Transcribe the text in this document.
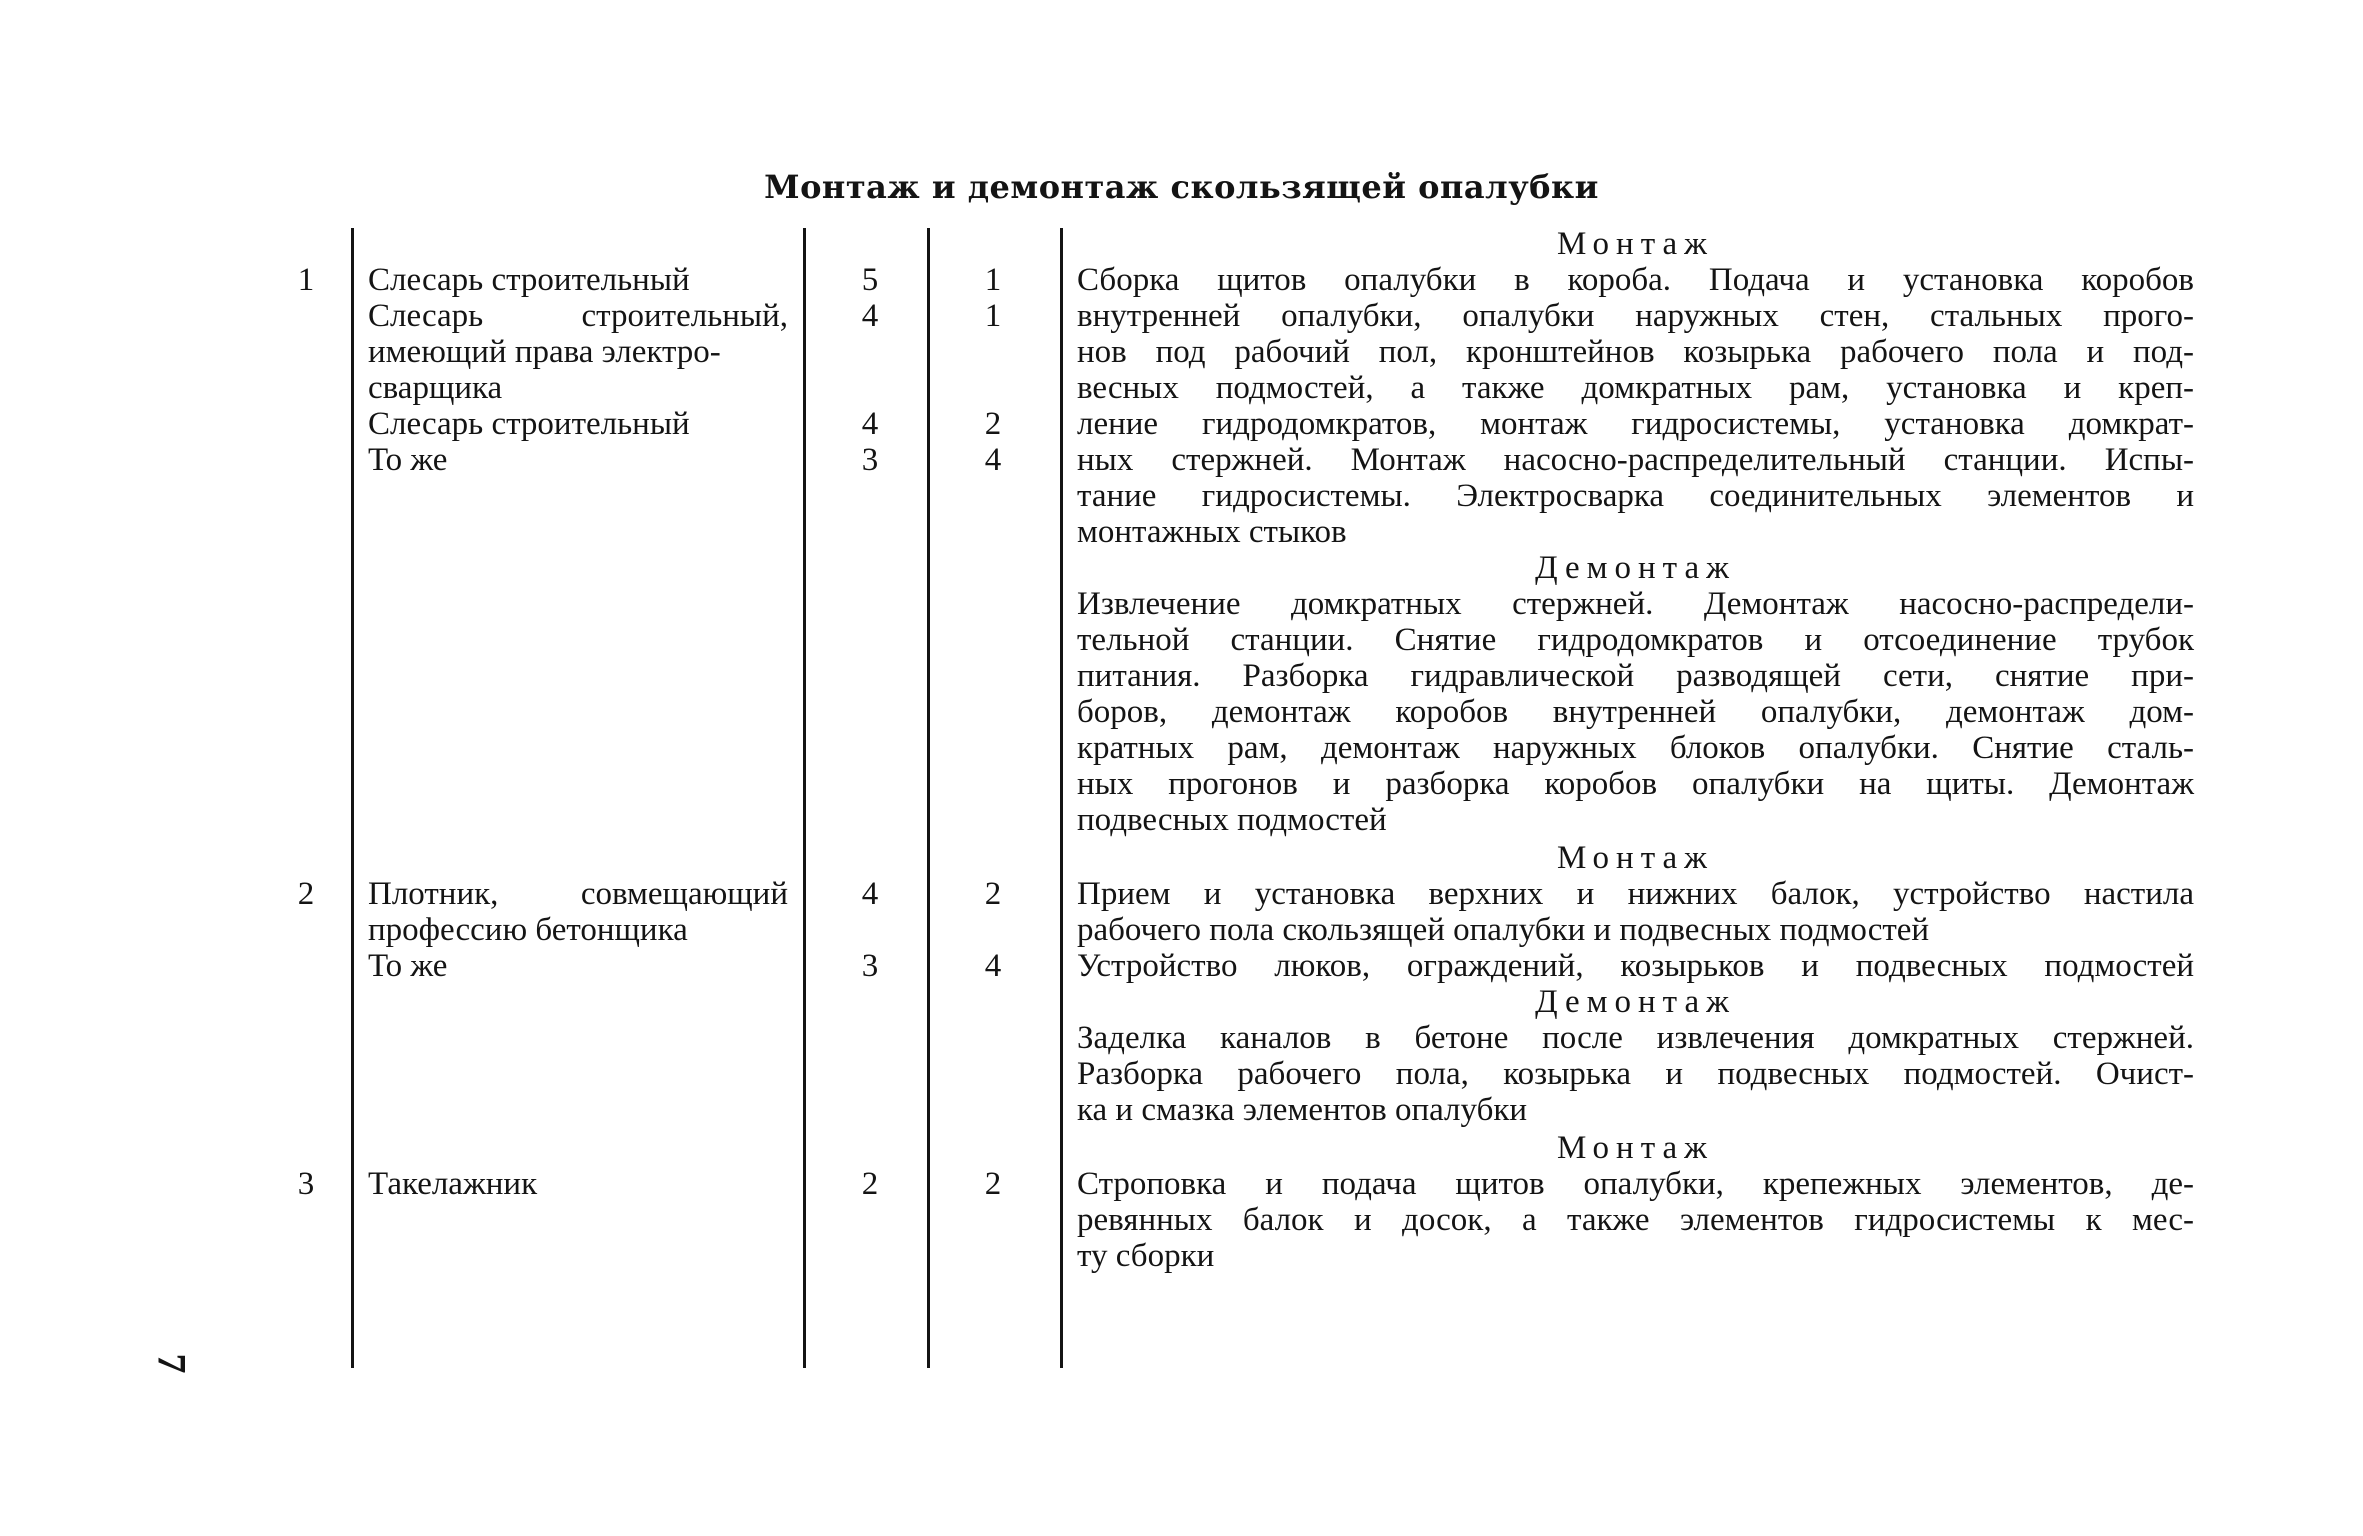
Монтаж и демонтаж скользящей опалубки
1
2
3
Слесарь строительный
Слесарь строительный,
имеющий права электро-
сварщика
Слесарь строительный
То же
Плотник, совмещающий
профессию бетонщика
То же
Такелажник
5
4
4
3
4
3
2
1
1
2
4
2
4
2
Монтаж
Сборка щитов опалубки в короба. Подача и установка коробов
внутренней опалубки, опалубки наружных стен, стальных прого-
нов под рабочий пол, кронштейнов козырька рабочего пола и под-
весных подмостей, а также домкратных рам, установка и креп-
ление гидродомкратов, монтаж гидросистемы, установка домкрат-
ных стержней. Монтаж насосно-распределительный станции. Испы-
тание гидросистемы. Электросварка соединительных элементов и
монтажных стыков
Демонтаж
Извлечение домкратных стержней. Демонтаж насосно-распредели-
тельной станции. Снятие гидродомкратов и отсоединение трубок
питания. Разборка гидравлической разводящей сети, снятие при-
боров, демонтаж коробов внутренней опалубки, демонтаж дом-
кратных рам, демонтаж наружных блоков опалубки. Снятие сталь-
ных прогонов и разборка коробов опалубки на щиты. Демонтаж
подвесных подмостей
Монтаж
Прием и установка верхних и нижних балок, устройство настила
рабочего пола скользящей опалубки и подвесных подмостей
Устройство люков, ограждений, козырьков и подвесных подмостей
Демонтаж
Заделка каналов в бетоне после извлечения домкратных стержней.
Разборка рабочего пола, козырька и подвесных подмостей. Очист-
ка и смазка элементов опалубки
Монтаж
Строповка и подача щитов опалубки, крепежных элементов, де-
ревянных балок и досок, а также элементов гидросистемы к мес-
ту сборки
7
